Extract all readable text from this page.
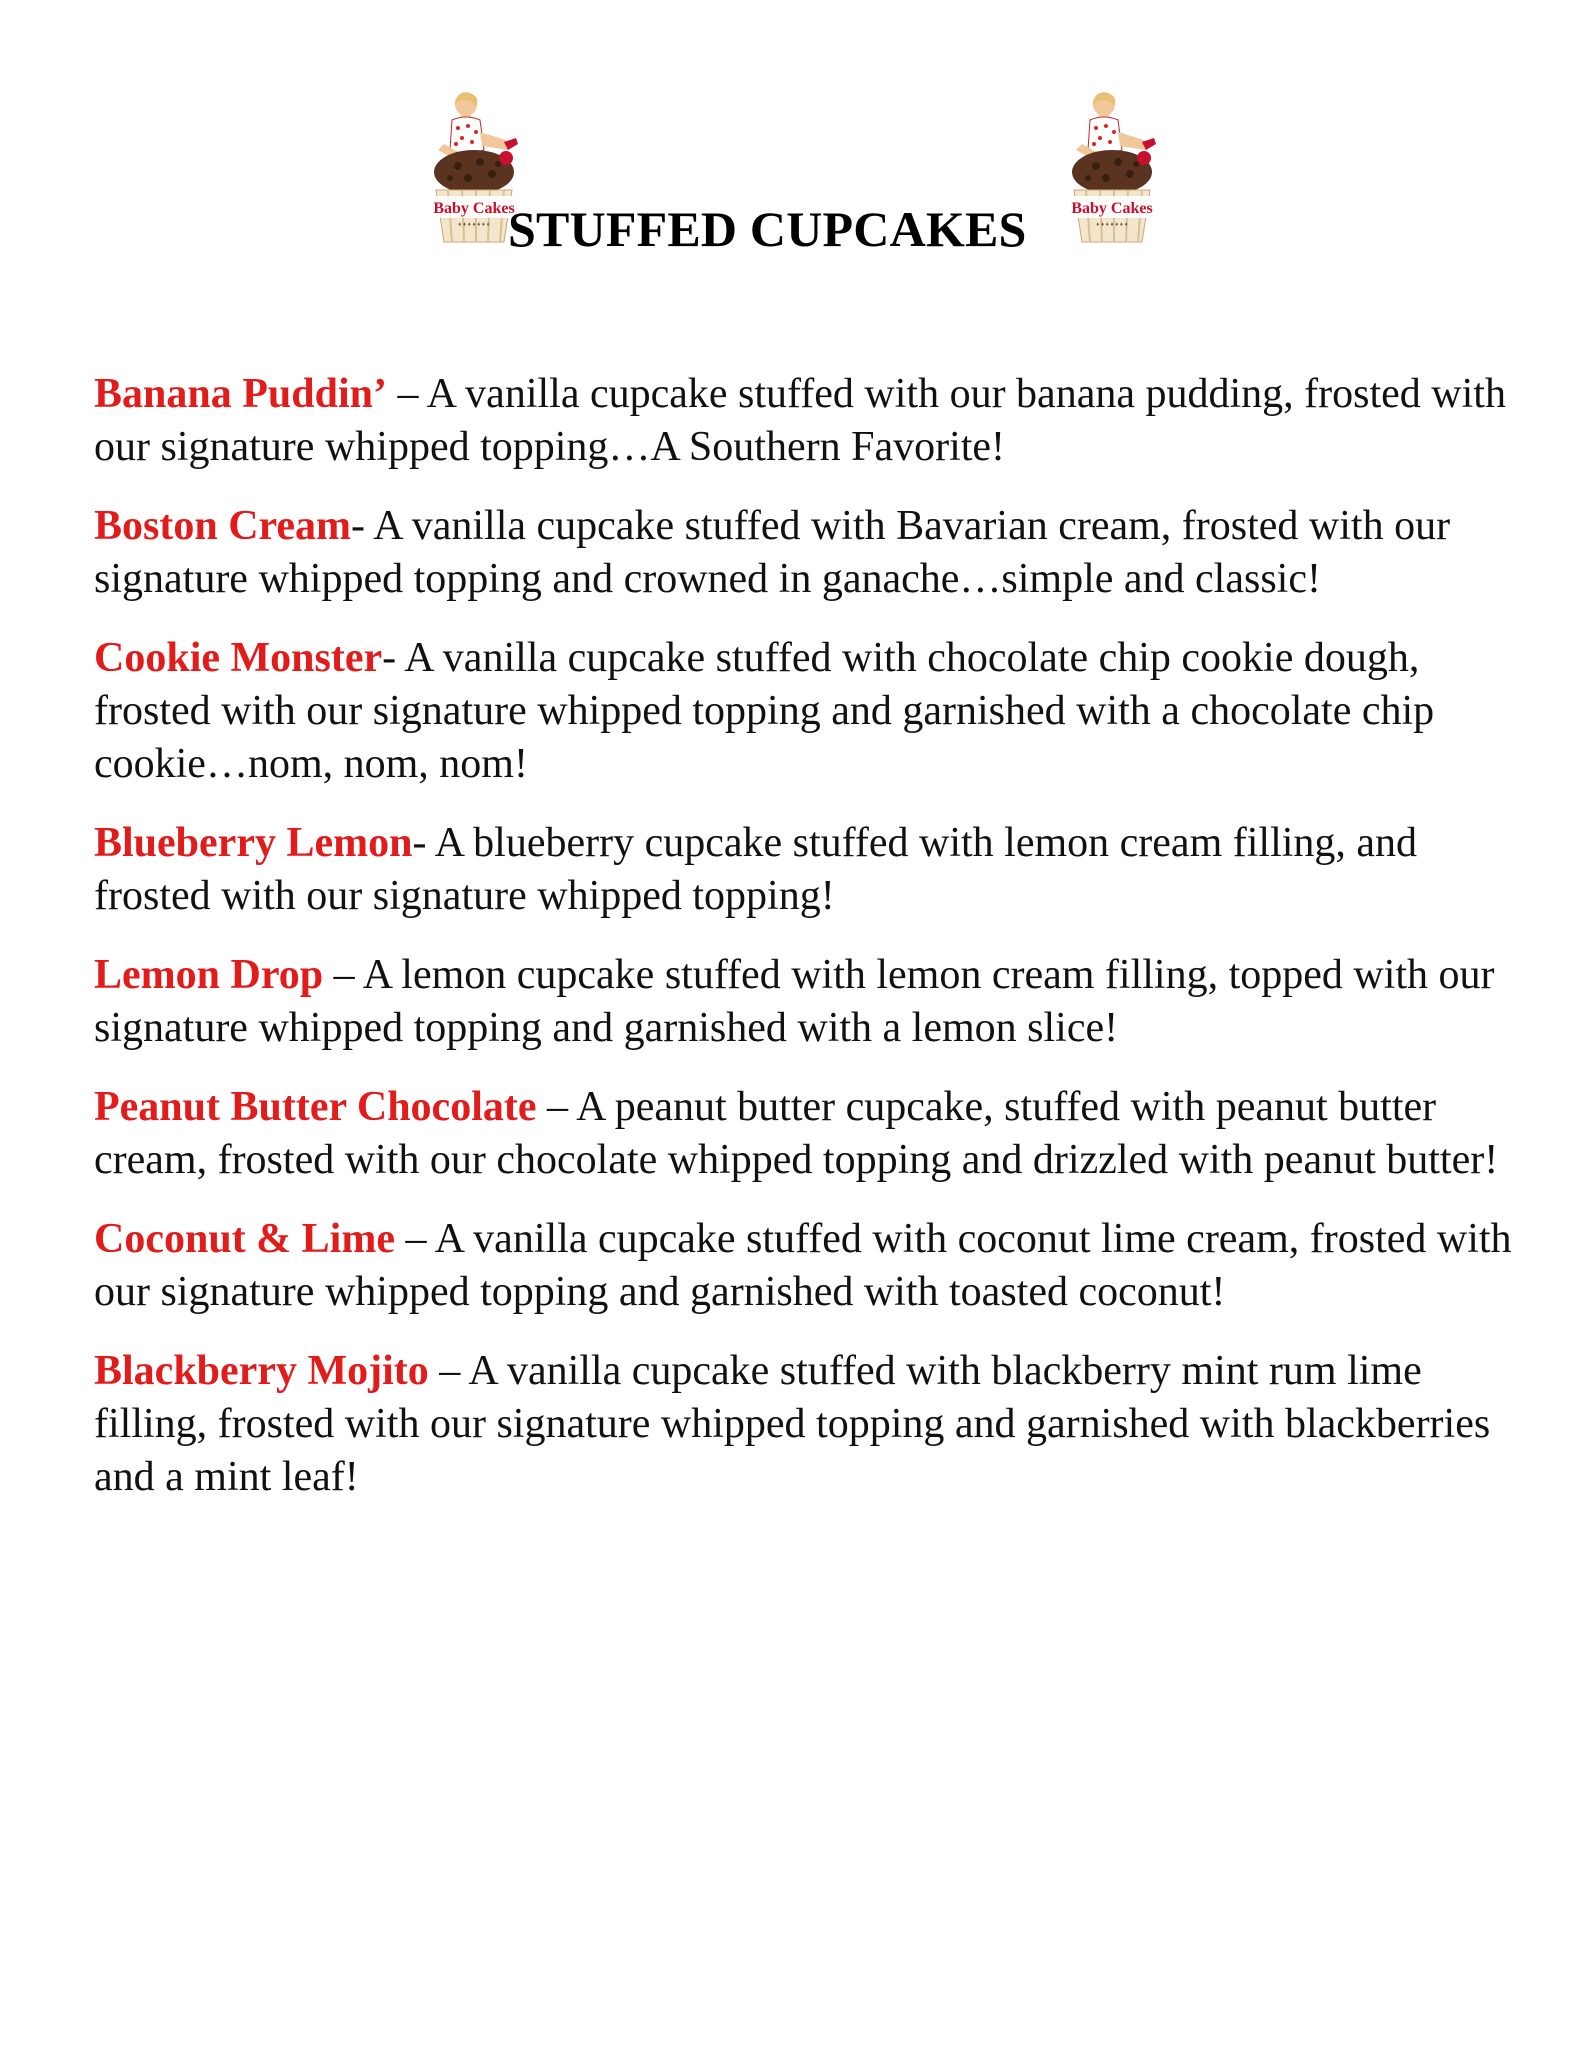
Baby Cakes
♦ ♦ ♦ ♦ ♦ ♦ ♦
Baby Cakes
♦ ♦ ♦ ♦ ♦ ♦ ♦
STUFFED CUPCAKES

Banana Puddin’ – A vanilla cupcake stuffed with our banana pudding, frosted with our signature whipped topping…A Southern Favorite!

Boston Cream- A vanilla cupcake stuffed with Bavarian cream, frosted with our signature whipped topping and crowned in ganache…simple and classic!

Cookie Monster- A vanilla cupcake stuffed with chocolate chip cookie dough, frosted with our signature whipped topping and garnished with a chocolate chip cookie…nom, nom, nom!

Blueberry Lemon- A blueberry cupcake stuffed with lemon cream filling, and frosted with our signature whipped topping!

Lemon Drop – A lemon cupcake stuffed with lemon cream filling, topped with our signature whipped topping and garnished with a lemon slice!

Peanut Butter Chocolate – A peanut butter cupcake, stuffed with peanut butter cream, frosted with our chocolate whipped topping and drizzled with peanut butter!

Coconut & Lime – A vanilla cupcake stuffed with coconut lime cream, frosted with our signature whipped topping and garnished with toasted coconut!

Blackberry Mojito – A vanilla cupcake stuffed with blackberry mint rum lime filling, frosted with our signature whipped topping and garnished with blackberries and a mint leaf!
